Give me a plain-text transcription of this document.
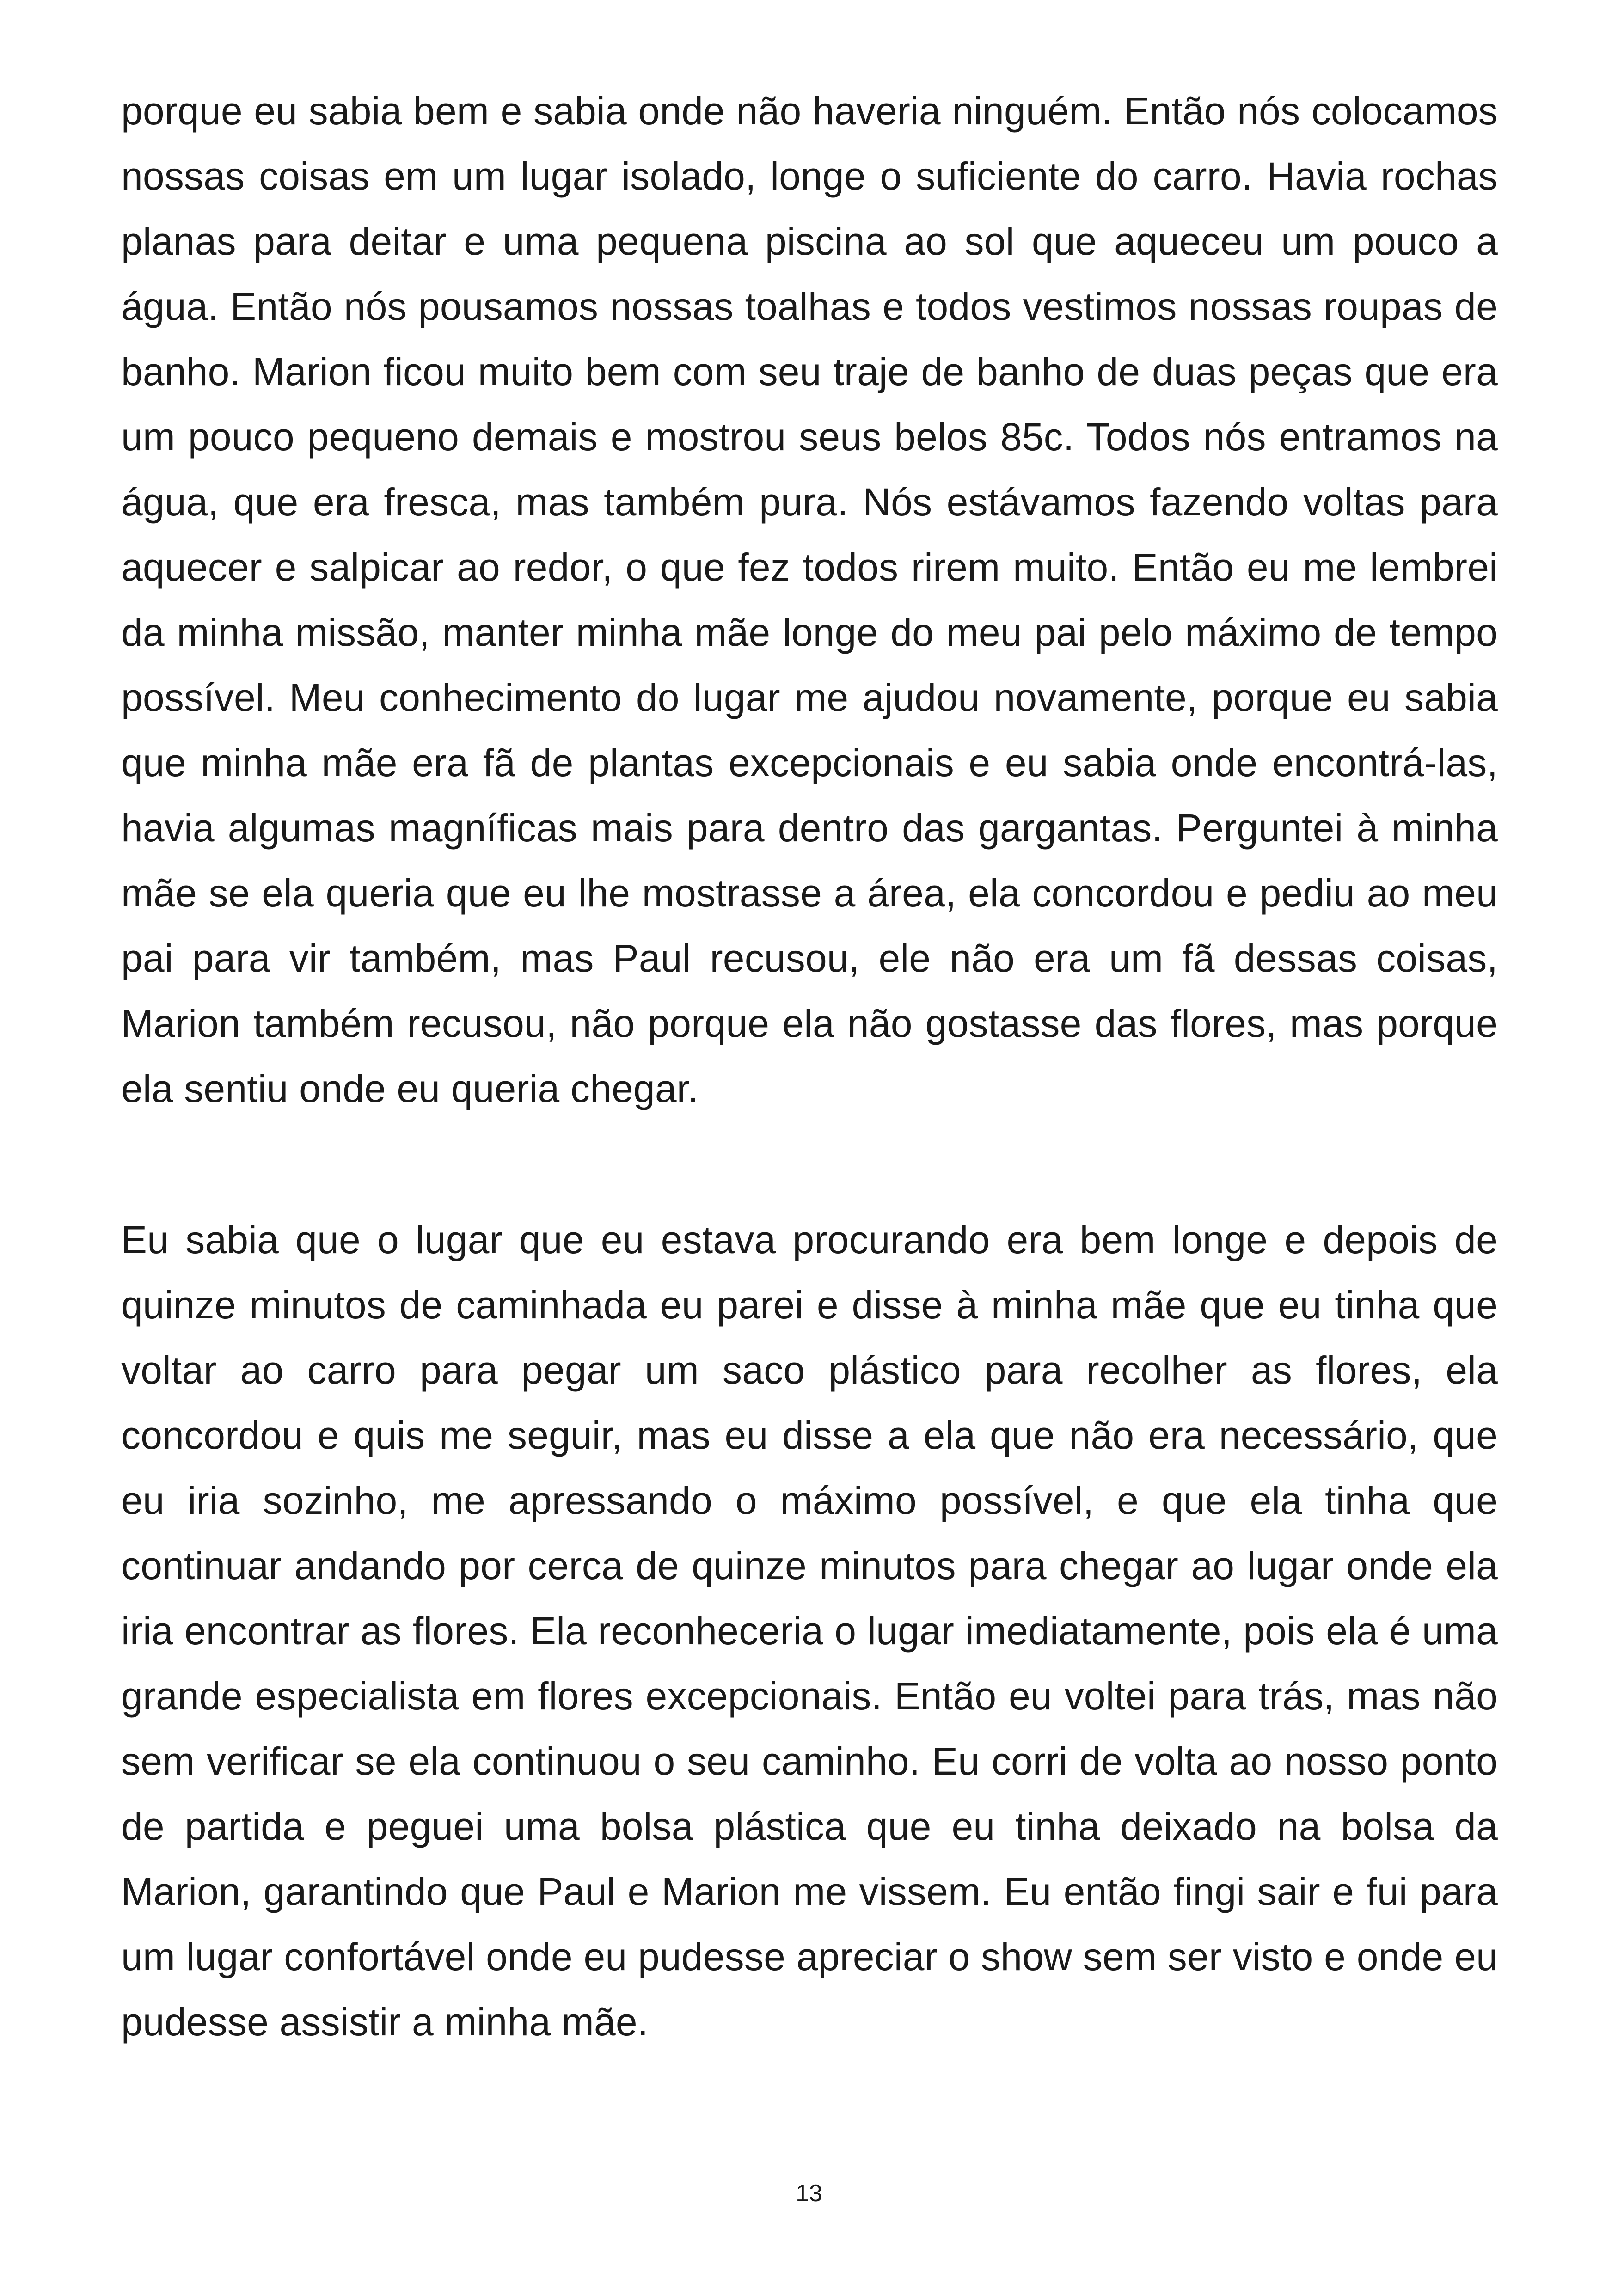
porque eu sabia bem e sabia onde não haveria ninguém. Então nós colocamos nossas coisas em um lugar isolado, longe o suficiente do carro. Havia rochas planas para deitar e uma pequena piscina ao sol que aqueceu um pouco a água. Então nós pousamos nossas toalhas e todos vestimos nossas roupas de banho. Marion ficou muito bem com seu traje de banho de duas peças que era um pouco pequeno demais e mostrou seus belos 85c. Todos nós entramos na água, que era fresca, mas também pura. Nós estávamos fazendo voltas para aquecer e salpicar ao redor, o que fez todos rirem muito. Então eu me lembrei da minha missão, manter minha mãe longe do meu pai pelo máximo de tempo possível. Meu conhecimento do lugar me ajudou novamente, porque eu sabia que minha mãe era fã de plantas excepcionais e eu sabia onde encontrá-las, havia algumas magníficas mais para dentro das gargantas. Perguntei à minha mãe se ela queria que eu lhe mostrasse a área, ela concordou e pediu ao meu pai para vir também, mas Paul recusou, ele não era um fã dessas coisas, Marion também recusou, não porque ela não gostasse das flores, mas porque ela sentiu onde eu queria chegar.

Eu sabia que o lugar que eu estava procurando era bem longe e depois de quinze minutos de caminhada eu parei e disse à minha mãe que eu tinha que voltar ao carro para pegar um saco plástico para recolher as flores, ela concordou e quis me seguir, mas eu disse a ela que não era necessário, que eu iria sozinho, me apressando o máximo possível, e que ela tinha que continuar andando por cerca de quinze minutos para chegar ao lugar onde ela iria encontrar as flores. Ela reconheceria o lugar imediatamente, pois ela é uma grande especialista em flores excepcionais. Então eu voltei para trás, mas não sem verificar se ela continuou o seu caminho. Eu corri de volta ao nosso ponto de partida e peguei uma bolsa plástica que eu tinha deixado na bolsa da Marion, garantindo que Paul e Marion me vissem. Eu então fingi sair e fui para um lugar confortável onde eu pudesse apreciar o show sem ser visto e onde eu pudesse assistir a minha mãe.

13
